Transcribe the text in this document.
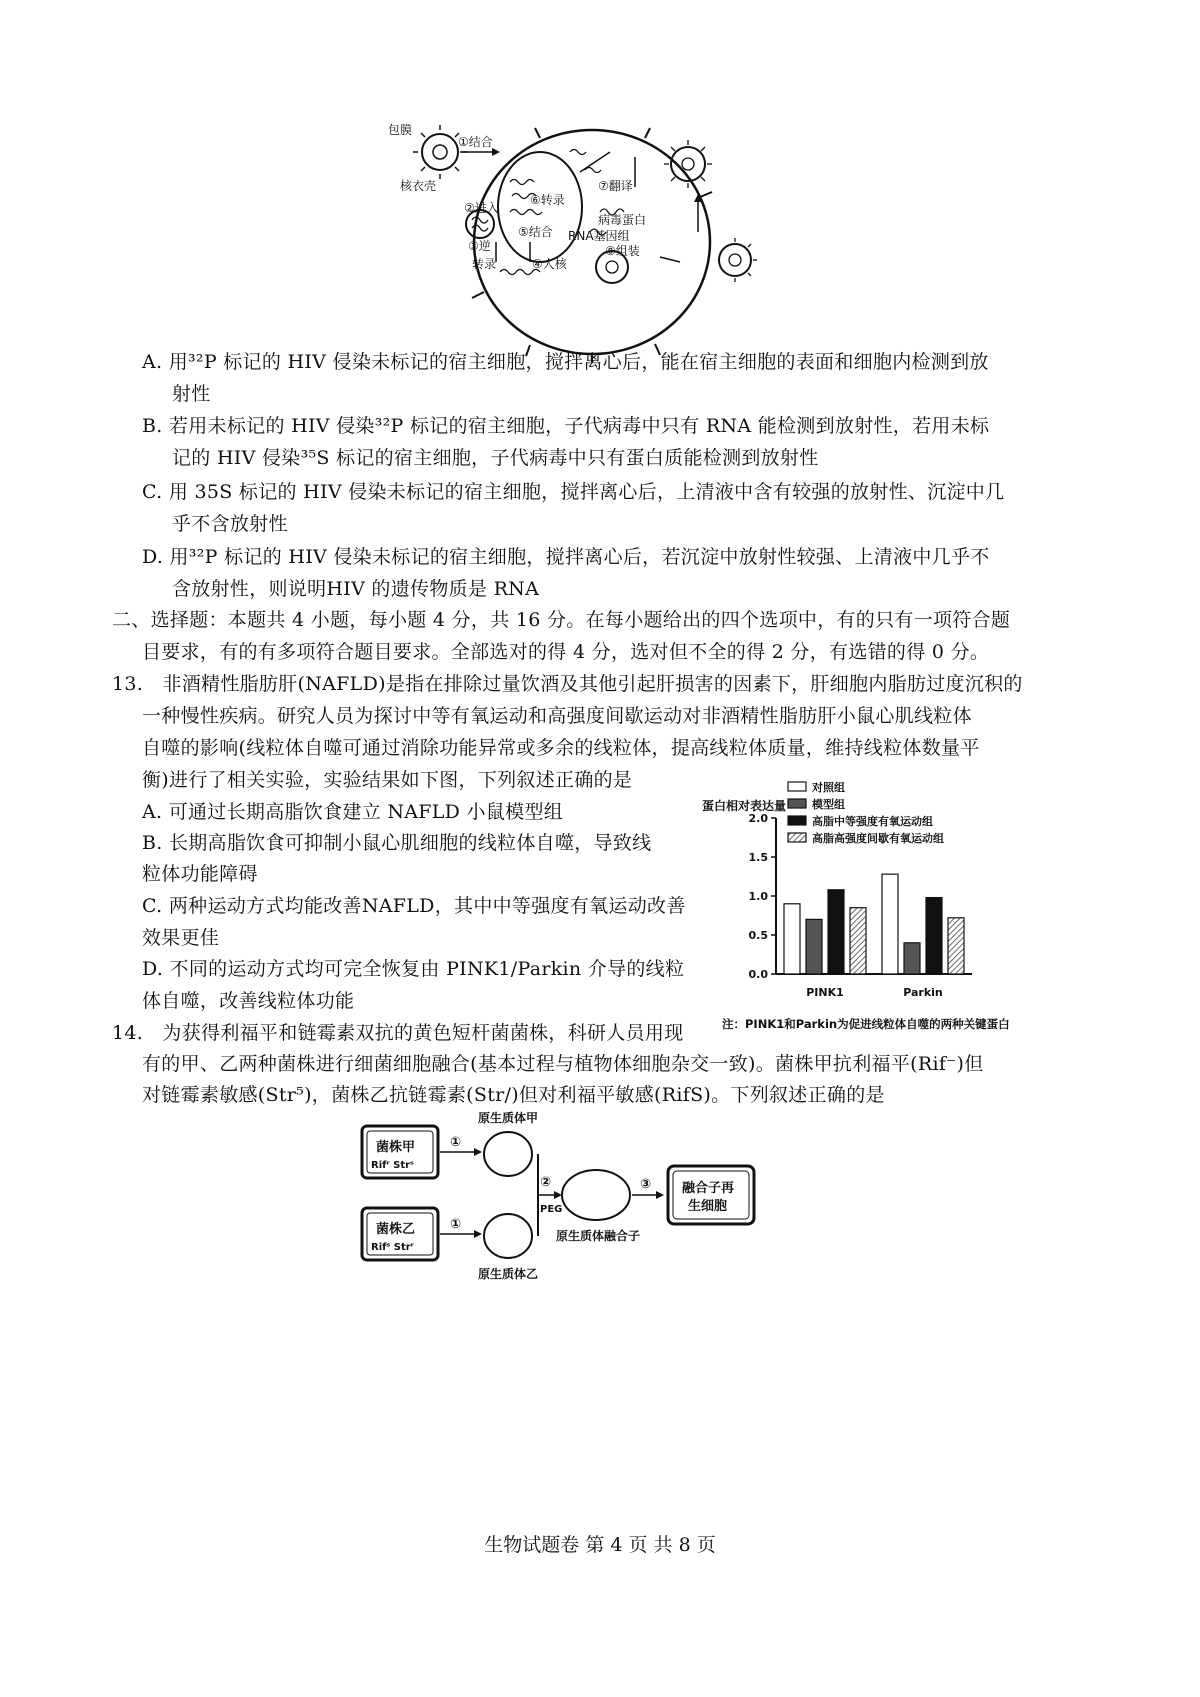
包膜
核衣壳
①结合
②进入
③逆
转录	④人核
⑤结合
⑥转录
⑦翻译
病毒蛋白
RNA基因组
⑧组装
A. 用³²P 标记的 HIV 侵染未标记的宿主细胞，搅拌离心后，能在宿主细胞的表面和细胞内检测到放
射性
B. 若用未标记的 HIV 侵染³²P 标记的宿主细胞，子代病毒中只有 RNA 能检测到放射性，若用未标
记的 HIV 侵染³⁵S 标记的宿主细胞，子代病毒中只有蛋白质能检测到放射性
C. 用 35S 标记的 HIV 侵染未标记的宿主细胞，搅拌离心后，上清液中含有较强的放射性、沉淀中几
乎不含放射性
D. 用³²P 标记的 HIV 侵染未标记的宿主细胞，搅拌离心后，若沉淀中放射性较强、上清液中几乎不
含放射性，则说明HIV 的遗传物质是 RNA
二、选择题：本题共 4 小题，每小题 4 分，共 16 分。在每小题给出的四个选项中，有的只有一项符合题
目要求，有的有多项符合题目要求。全部选对的得 4 分，选对但不全的得 2 分，有选错的得 0 分。
13.　非酒精性脂肪肝(NAFLD)是指在排除过量饮酒及其他引起肝损害的因素下，肝细胞内脂肪过度沉积的
一种慢性疾病。研究人员为探讨中等有氧运动和高强度间歇运动对非酒精性脂肪肝小鼠心肌线粒体
自噬的影响(线粒体自噬可通过消除功能异常或多余的线粒体，提高线粒体质量，维持线粒体数量平
衡)进行了相关实验，实验结果如下图，下列叙述正确的是
A. 可通过长期高脂饮食建立 NAFLD 小鼠模型组
B. 长期高脂饮食可抑制小鼠心肌细胞的线粒体自噬，导致线
粒体功能障碍
C. 两种运动方式均能改善NAFLD，其中中等强度有氧运动改善
效果更佳
D. 不同的运动方式均可完全恢复由 PINK1/Parkin 介导的线粒
体自噬，改善线粒体功能
蛋白相对表达量
对照组
模型组
高脂中等强度有氧运动组
高脂高强度间歇有氧运动组
2.0
1.5
1.0
0.5
0.0
PINK1	Parkin
注：PINK1和Parkin为促进线粒体自噬的两种关键蛋白
14.　为获得利福平和链霉素双抗的黄色短杆菌菌株，科研人员用现
有的甲、乙两种菌株进行细菌细胞融合(基本过程与植物体细胞杂交一致)。菌株甲抗利福平(Rif⁻)但
对链霉素敏感(Str⁵)，菌株乙抗链霉素(Str/)但对利福平敏感(RifS)。下列叙述正确的是
菌株甲
Rifʳ Strˢ
菌株乙
Rifˢ Strʳ
①
①
原生质体甲
原生质体乙
②
PEG
原生质体融合子
③ 融合子再
生细胞
生物试题卷 第 4 页 共 8 页
